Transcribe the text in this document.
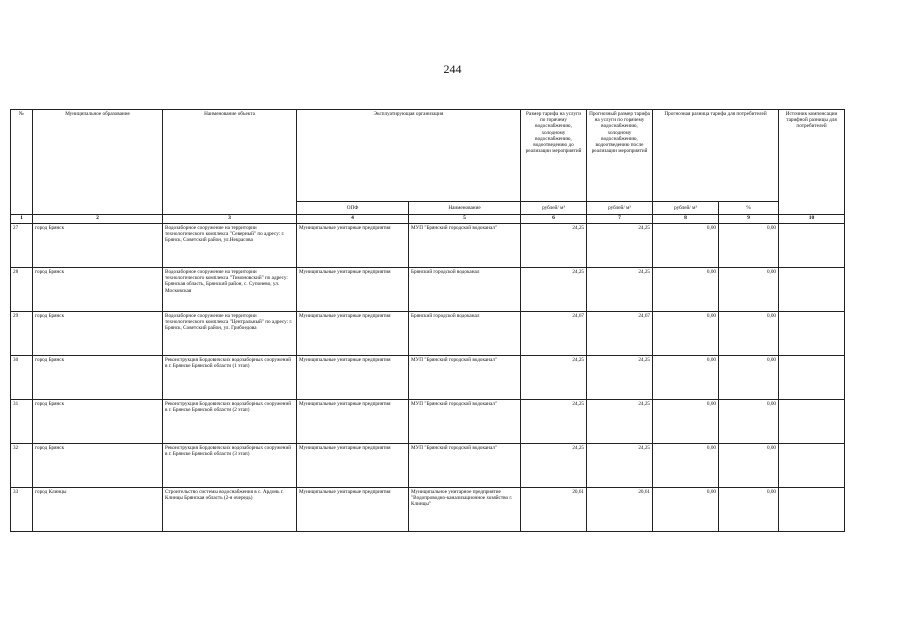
244
№	Муниципальное образование	Наименование объекта	Эксплуатирующая организация		Размер тарифа на услуги по горячему водоснабжению, холодному водоснабжению, водоотведению до реализации мероприятий	Прогнозный размер тарифа на услуги по горячему водоснабжению, холодному водоснабжению, водоотведению после реализации мероприятий	Прогнозная разница тарифа для потребителей		Источник компенсации тарифной разницы для потребителей
			ОПФ	Наименование	рублей/ м³	рублей/ м³	рублей/ м³	%	
1	2	3	4	5	6	7	8	9	10
27	город Брянск	Водозаборное сооружение на территории технологического комплекса "Северный" по адресу: г. Брянск, Советский район, ул.Некрасова	Муниципальные унитарные предприятия	МУП "Брянский городской водоканал"	24,25	24,25	0,00	0,00	
28	город Брянск	Водозаборное сооружение на территории технологического комплекса "Тимоновский" по адресу: Брянская область, Брянский район, с. Супонево, ул. Московская	Муниципальные унитарные предприятия	Брянский городской водоканал	24,25	24,25	0,00	0,00	
29	город Брянск	Водозаборное сооружение на территории технологического комплекса "Центральный" по адресу: г. Брянск, Советский район, ул. Грибоедова	Муниципальные унитарные предприятия	Брянский городской водоканал	24,67	24,67	0,00	0,00	
30	город Брянск	Реконструкция Бордовичских водозаборных сооружений в г. Брянске Брянской области (1 этап)	Муниципальные унитарные предприятия	МУП "Брянский городской водоканал"	24,25	24,25	0,00	0,00	
31	город Брянск	Реконструкция Бордовичских водозаборных сооружений в г. Брянске Брянской области (2 этап)	Муниципальные унитарные предприятия	МУП "Брянский городской водоканал"	24,25	24,25	0,00	0,00	
32	город Брянск	Реконструкция Бордовичских водозаборных сооружений в г. Брянске Брянской области (3 этап)	Муниципальные унитарные предприятия	МУП "Брянский городской водоканал"	24,25	24,25	0,00	0,00	
33	город Клинцы	Строительство системы водоснабжения в с. Ардонь г. Клинцы Брянская область (2-я очередь)	Муниципальные унитарные предприятия	Муниципальное унитарное предприятие "Водопроводно-канализационное хозяйство г. Клинцы"	20,61	20,61	0,00	0,00	
